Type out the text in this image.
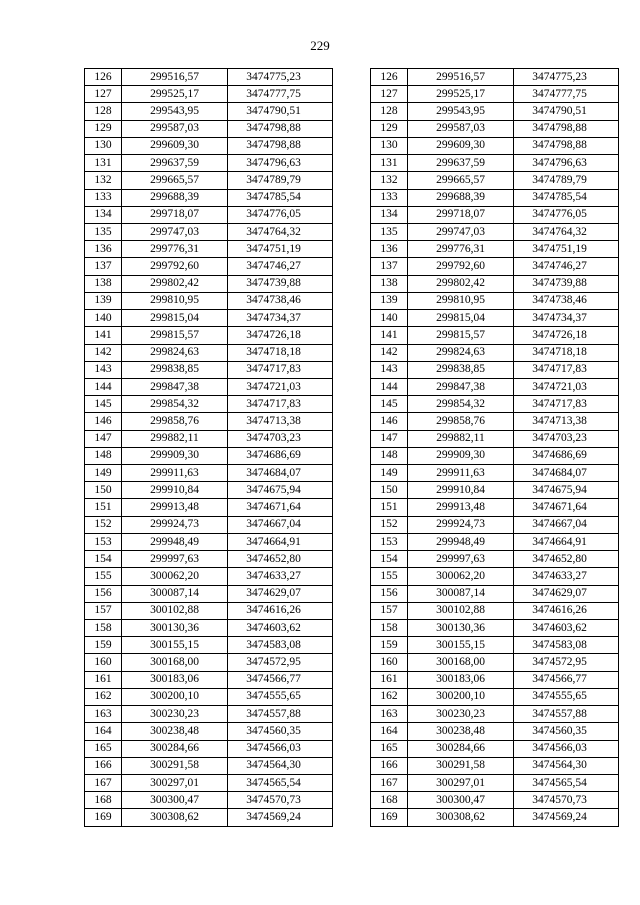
229
126	299516,57	3474775,23
127	299525,17	3474777,75
128	299543,95	3474790,51
129	299587,03	3474798,88
130	299609,30	3474798,88
131	299637,59	3474796,63
132	299665,57	3474789,79
133	299688,39	3474785,54
134	299718,07	3474776,05
135	299747,03	3474764,32
136	299776,31	3474751,19
137	299792,60	3474746,27
138	299802,42	3474739,88
139	299810,95	3474738,46
140	299815,04	3474734,37
141	299815,57	3474726,18
142	299824,63	3474718,18
143	299838,85	3474717,83
144	299847,38	3474721,03
145	299854,32	3474717,83
146	299858,76	3474713,38
147	299882,11	3474703,23
148	299909,30	3474686,69
149	299911,63	3474684,07
150	299910,84	3474675,94
151	299913,48	3474671,64
152	299924,73	3474667,04
153	299948,49	3474664,91
154	299997,63	3474652,80
155	300062,20	3474633,27
156	300087,14	3474629,07
157	300102,88	3474616,26
158	300130,36	3474603,62
159	300155,15	3474583,08
160	300168,00	3474572,95
161	300183,06	3474566,77
162	300200,10	3474555,65
163	300230,23	3474557,88
164	300238,48	3474560,35
165	300284,66	3474566,03
166	300291,58	3474564,30
167	300297,01	3474565,54
168	300300,47	3474570,73
169	300308,62	3474569,24
126	299516,57	3474775,23
127	299525,17	3474777,75
128	299543,95	3474790,51
129	299587,03	3474798,88
130	299609,30	3474798,88
131	299637,59	3474796,63
132	299665,57	3474789,79
133	299688,39	3474785,54
134	299718,07	3474776,05
135	299747,03	3474764,32
136	299776,31	3474751,19
137	299792,60	3474746,27
138	299802,42	3474739,88
139	299810,95	3474738,46
140	299815,04	3474734,37
141	299815,57	3474726,18
142	299824,63	3474718,18
143	299838,85	3474717,83
144	299847,38	3474721,03
145	299854,32	3474717,83
146	299858,76	3474713,38
147	299882,11	3474703,23
148	299909,30	3474686,69
149	299911,63	3474684,07
150	299910,84	3474675,94
151	299913,48	3474671,64
152	299924,73	3474667,04
153	299948,49	3474664,91
154	299997,63	3474652,80
155	300062,20	3474633,27
156	300087,14	3474629,07
157	300102,88	3474616,26
158	300130,36	3474603,62
159	300155,15	3474583,08
160	300168,00	3474572,95
161	300183,06	3474566,77
162	300200,10	3474555,65
163	300230,23	3474557,88
164	300238,48	3474560,35
165	300284,66	3474566,03
166	300291,58	3474564,30
167	300297,01	3474565,54
168	300300,47	3474570,73
169	300308,62	3474569,24
